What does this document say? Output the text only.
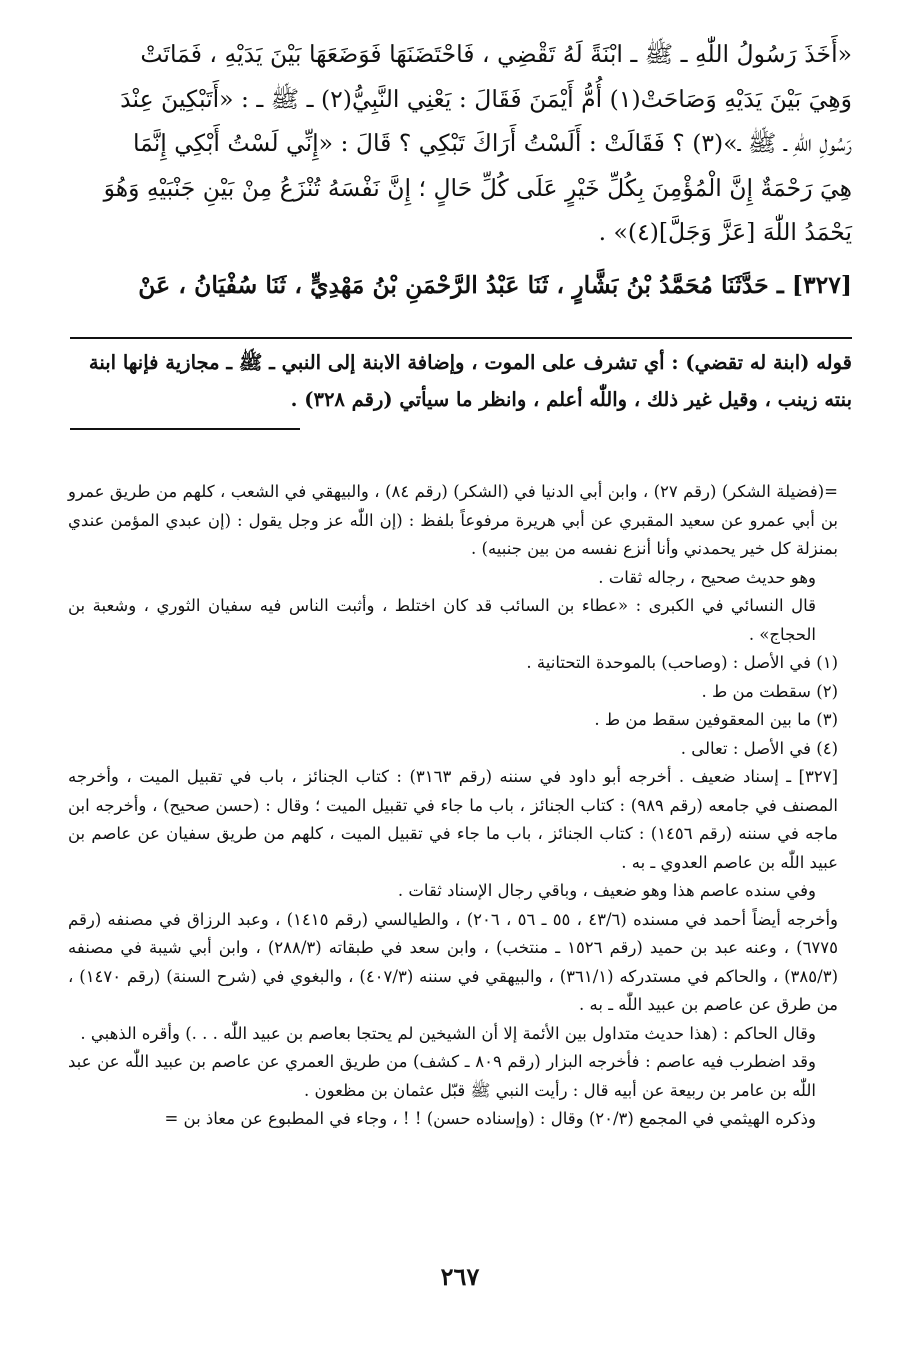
«أَخَذَ رَسُولُ اللّٰهِ ـ ﷺ ـ ابْنَةً لَهُ تَقْضِي ، فَاحْتَضَنَهَا فَوَضَعَهَا بَيْنَ يَدَيْهِ ، فَمَاتَتْ

وَهِيَ بَيْنَ يَدَيْهِ وَصَاحَتْ(١) أُمُّ أَيْمَنَ فَقَالَ : يَعْنِي النَّبِيُّ(٢) ـ ﷺ ـ : «أَتَبْكِينَ عِنْدَ

رَسُولِ اللّٰهِ ـ ﷺ ـ»(٣) ؟ فَقَالَتْ : أَلَسْتُ أَرَاكَ تَبْكِي ؟ قَالَ : «إِنِّي لَسْتُ أَبْكِي إِنَّمَا

هِيَ رَحْمَةٌ إِنَّ الْمُؤْمِنَ بِكُلِّ خَيْرٍ عَلَى كُلِّ حَالٍ ؛ إِنَّ نَفْسَهُ تُنْزَعُ مِنْ بَيْنِ جَنْبَيْهِ وَهُوَ

يَحْمَدُ اللّٰهَ [عَزَّ وَجَلَّ](٤)» .

[٣٢٧] ـ حَدَّثَنَا مُحَمَّدُ بْنُ بَشَّارٍ ، ثَنَا عَبْدُ الرَّحْمَنِ بْنُ مَهْدِيٍّ ، ثَنَا سُفْيَانُ ، عَنْ

قوله (ابنة له تقضي) : أي تشرف على الموت ، وإضافة الابنة إلى النبي ـ ﷺ ـ مجازية فإنها ابنة

بنته زينب ، وقيل غير ذلك ، واللّٰه أعلم ، وانظر ما سيأتي (رقم ٣٢٨) .

=(فضيلة الشكر) (رقم ٢٧) ، وابن أبي الدنيا في (الشكر) (رقم ٨٤) ، والبيهقي في الشعب ، كلهم من طريق عمرو بن أبي عمرو عن سعيد المقبري عن أبي هريرة مرفوعاً بلفظ : (إن اللّٰه عز وجل يقول : (إن عبدي المؤمن عندي بمنزلة كل خير يحمدني وأنا أنزع نفسه من بين جنبيه) .

وهو حديث صحيح ، رجاله ثقات .

قال النسائي في الكبرى : «عطاء بن السائب قد كان اختلط ، وأثبت الناس فيه سفيان الثوري ، وشعبة بن الحجاج» .

(١) في الأصل : (وصاحب) بالموحدة التحتانية .

(٢) سقطت من ط .

(٣) ما بين المعقوفين سقط من ط .

(٤) في الأصل : تعالى .

[٣٢٧] ـ إسناد ضعيف . أخرجه أبو داود في سننه (رقم ٣١٦٣) : كتاب الجنائز ، باب في تقبيل الميت ، وأخرجه المصنف في جامعه (رقم ٩٨٩) : كتاب الجنائز ، باب ما جاء في تقبيل الميت ؛ وقال : (حسن صحيح) ، وأخرجه ابن ماجه في سننه (رقم ١٤٥٦) : كتاب الجنائز ، باب ما جاء في تقبيل الميت ، كلهم من طريق سفيان عن عاصم بن عبيد اللّٰه بن عاصم العدوي ـ به .

وفي سنده عاصم هذا وهو ضعيف ، وباقي رجال الإسناد ثقات .

وأخرجه أيضاً أحمد في مسنده (٤٣/٦ ، ٥٥ ـ ٥٦ ، ٢٠٦) ، والطيالسي (رقم ١٤١٥) ، وعبد الرزاق في مصنفه (رقم ٦٧٧٥) ، وعنه عبد بن حميد (رقم ١٥٢٦ ـ منتخب) ، وابن سعد في طبقاته (٢٨٨/٣) ، وابن أبي شيبة في مصنفه (٣٨٥/٣) ، والحاكم في مستدركه (٣٦١/١) ، والبيهقي في سننه (٤٠٧/٣) ، والبغوي في (شرح السنة) (رقم ١٤٧٠) ، من طرق عن عاصم بن عبيد اللّٰه ـ به .

وقال الحاكم : (هذا حديث متداول بين الأئمة إلا أن الشيخين لم يحتجا بعاصم بن عبيد اللّٰه . . .) وأقره الذهبي .

وقد اضطرب فيه عاصم : فأخرجه البزار (رقم ٨٠٩ ـ كشف) من طريق العمري عن عاصم بن عبيد اللّٰه عن عبد اللّٰه بن عامر بن ربيعة عن أبيه قال : رأيت النبي ﷺ قبّل عثمان بن مظعون .

وذكره الهيثمي في المجمع (٢٠/٣) وقال : (وإسناده حسن) ! ! ، وجاء في المطبوع عن معاذ بن =

٢٦٧
